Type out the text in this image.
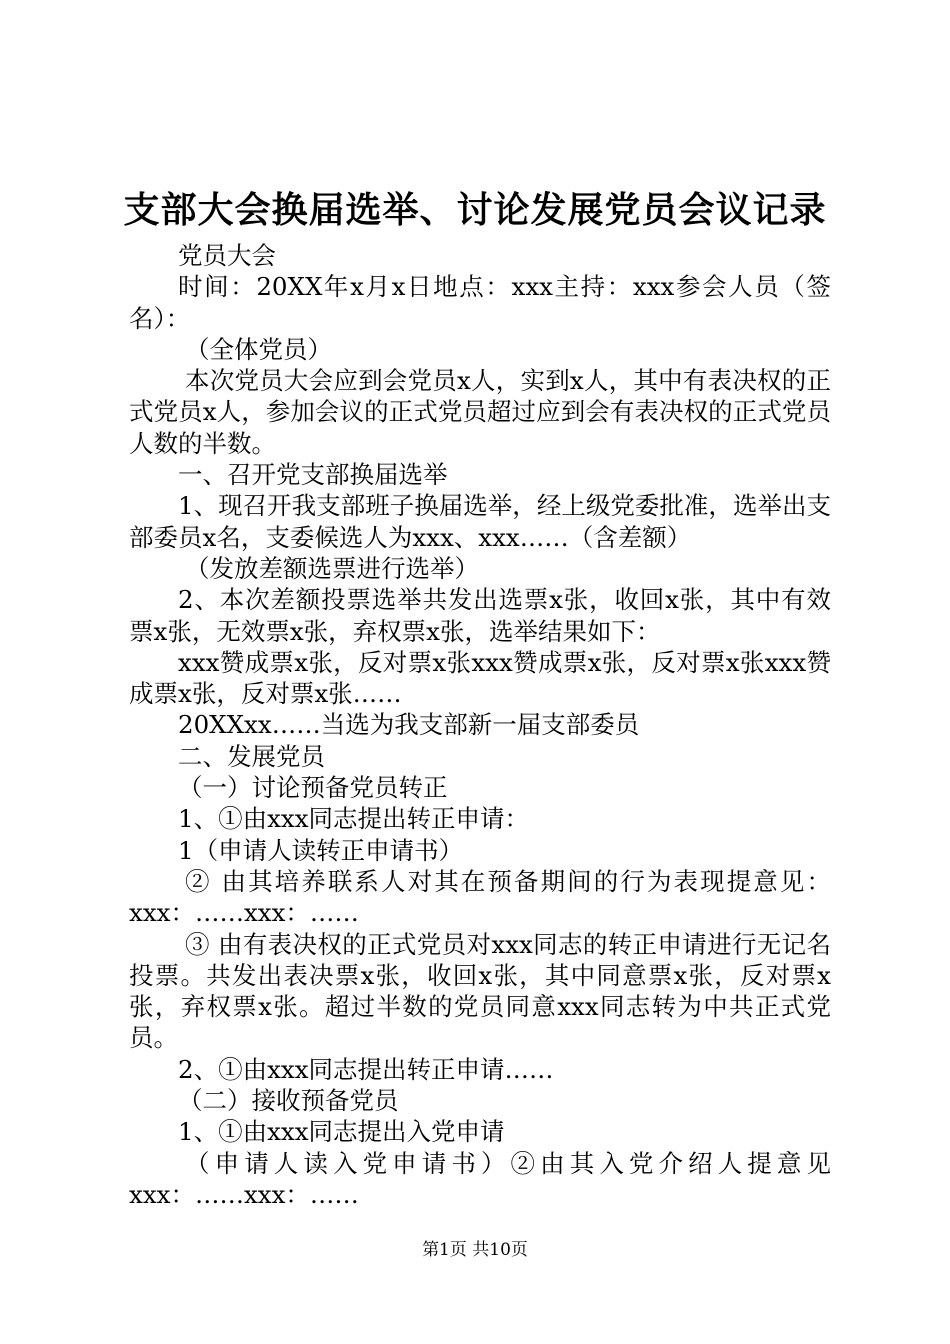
支部大会换届选举、讨论发展党员会议记录

党员大会

时间：20XX年x月x日地点：xxx主持：xxx参会人员（签名）：

（全体党员）

本次党员大会应到会党员x人，实到x人，其中有表决权的正式党员x人，参加会议的正式党员超过应到会有表决权的正式党员人数的半数。

一、召开党支部换届选举

1、现召开我支部班子换届选举，经上级党委批准，选举出支部委员x名，支委候选人为xxx、xxx……（含差额）

（发放差额选票进行选举）

2、本次差额投票选举共发出选票x张，收回x张，其中有效票x张，无效票x张，弃权票x张，选举结果如下：

xxx赞成票x张，反对票x张xxx赞成票x张，反对票x张xxx赞成票x张，反对票x张……

20XXxx……当选为我支部新一届支部委员

二、发展党员

（一）讨论预备党员转正

1、①由xxx同志提出转正申请：

1（申请人读转正申请书）

② 由其培养联系人对其在预备期间的行为表现提意见：xxx：……xxx：……

③ 由有表决权的正式党员对xxx同志的转正申请进行无记名投票。共发出表决票x张，收回x张，其中同意票x张，反对票x张，弃权票x张。超过半数的党员同意xxx同志转为中共正式党员。

2、①由xxx同志提出转正申请……

（二）接收预备党员

1、①由xxx同志提出入党申请

（申请人读入党申请书）②由其入党介绍人提意见xxx：……xxx：……

第1页 共10页
